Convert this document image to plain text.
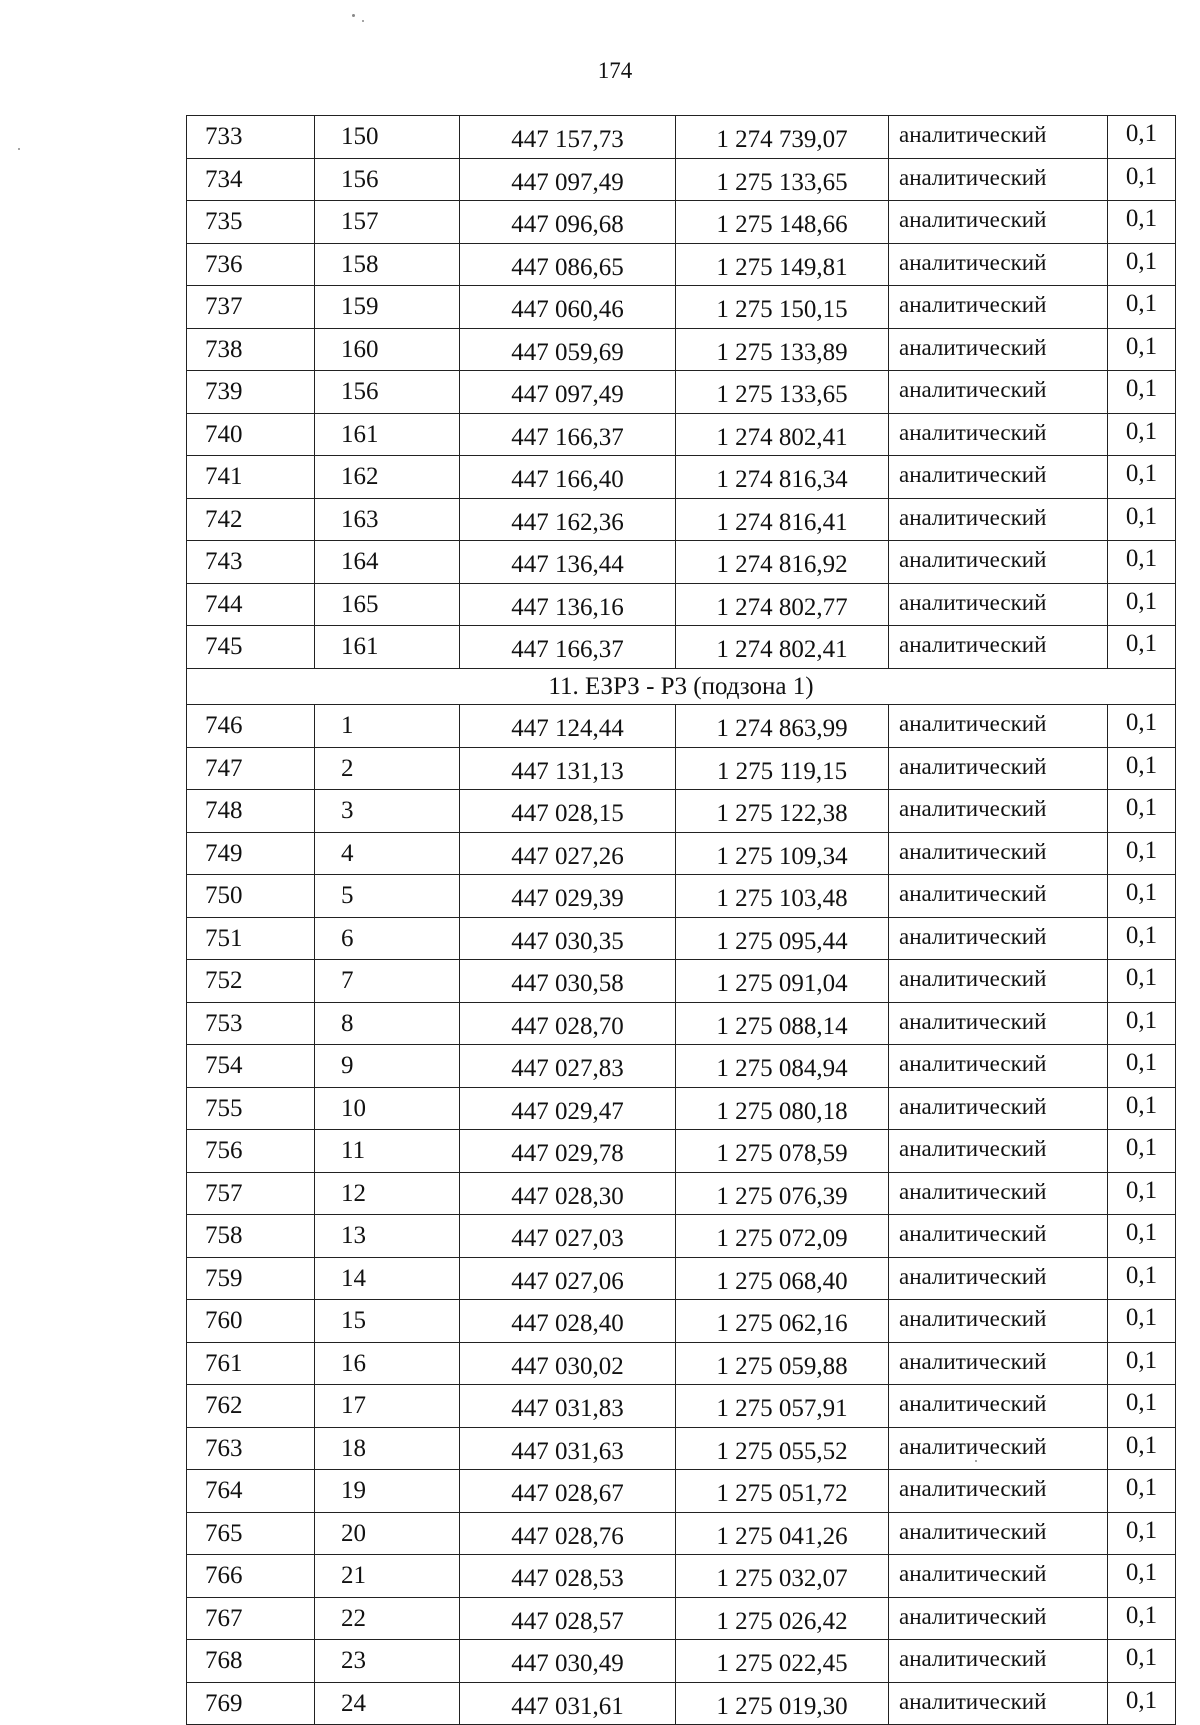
174
733	150	447 157,73	1 274 739,07	аналитический	0,1
734	156	447 097,49	1 275 133,65	аналитический	0,1
735	157	447 096,68	1 275 148,66	аналитический	0,1
736	158	447 086,65	1 275 149,81	аналитический	0,1
737	159	447 060,46	1 275 150,15	аналитический	0,1
738	160	447 059,69	1 275 133,89	аналитический	0,1
739	156	447 097,49	1 275 133,65	аналитический	0,1
740	161	447 166,37	1 274 802,41	аналитический	0,1
741	162	447 166,40	1 274 816,34	аналитический	0,1
742	163	447 162,36	1 274 816,41	аналитический	0,1
743	164	447 136,44	1 274 816,92	аналитический	0,1
744	165	447 136,16	1 274 802,77	аналитический	0,1
745	161	447 166,37	1 274 802,41	аналитический	0,1
11. ЕЗРЗ - Р3 (подзона 1)					
746	1	447 124,44	1 274 863,99	аналитический	0,1
747	2	447 131,13	1 275 119,15	аналитический	0,1
748	3	447 028,15	1 275 122,38	аналитический	0,1
749	4	447 027,26	1 275 109,34	аналитический	0,1
750	5	447 029,39	1 275 103,48	аналитический	0,1
751	6	447 030,35	1 275 095,44	аналитический	0,1
752	7	447 030,58	1 275 091,04	аналитический	0,1
753	8	447 028,70	1 275 088,14	аналитический	0,1
754	9	447 027,83	1 275 084,94	аналитический	0,1
755	10	447 029,47	1 275 080,18	аналитический	0,1
756	11	447 029,78	1 275 078,59	аналитический	0,1
757	12	447 028,30	1 275 076,39	аналитический	0,1
758	13	447 027,03	1 275 072,09	аналитический	0,1
759	14	447 027,06	1 275 068,40	аналитический	0,1
760	15	447 028,40	1 275 062,16	аналитический	0,1
761	16	447 030,02	1 275 059,88	аналитический	0,1
762	17	447 031,83	1 275 057,91	аналитический	0,1
763	18	447 031,63	1 275 055,52	аналитический	0,1
764	19	447 028,67	1 275 051,72	аналитический	0,1
765	20	447 028,76	1 275 041,26	аналитический	0,1
766	21	447 028,53	1 275 032,07	аналитический	0,1
767	22	447 028,57	1 275 026,42	аналитический	0,1
768	23	447 030,49	1 275 022,45	аналитический	0,1
769	24	447 031,61	1 275 019,30	аналитический	0,1
